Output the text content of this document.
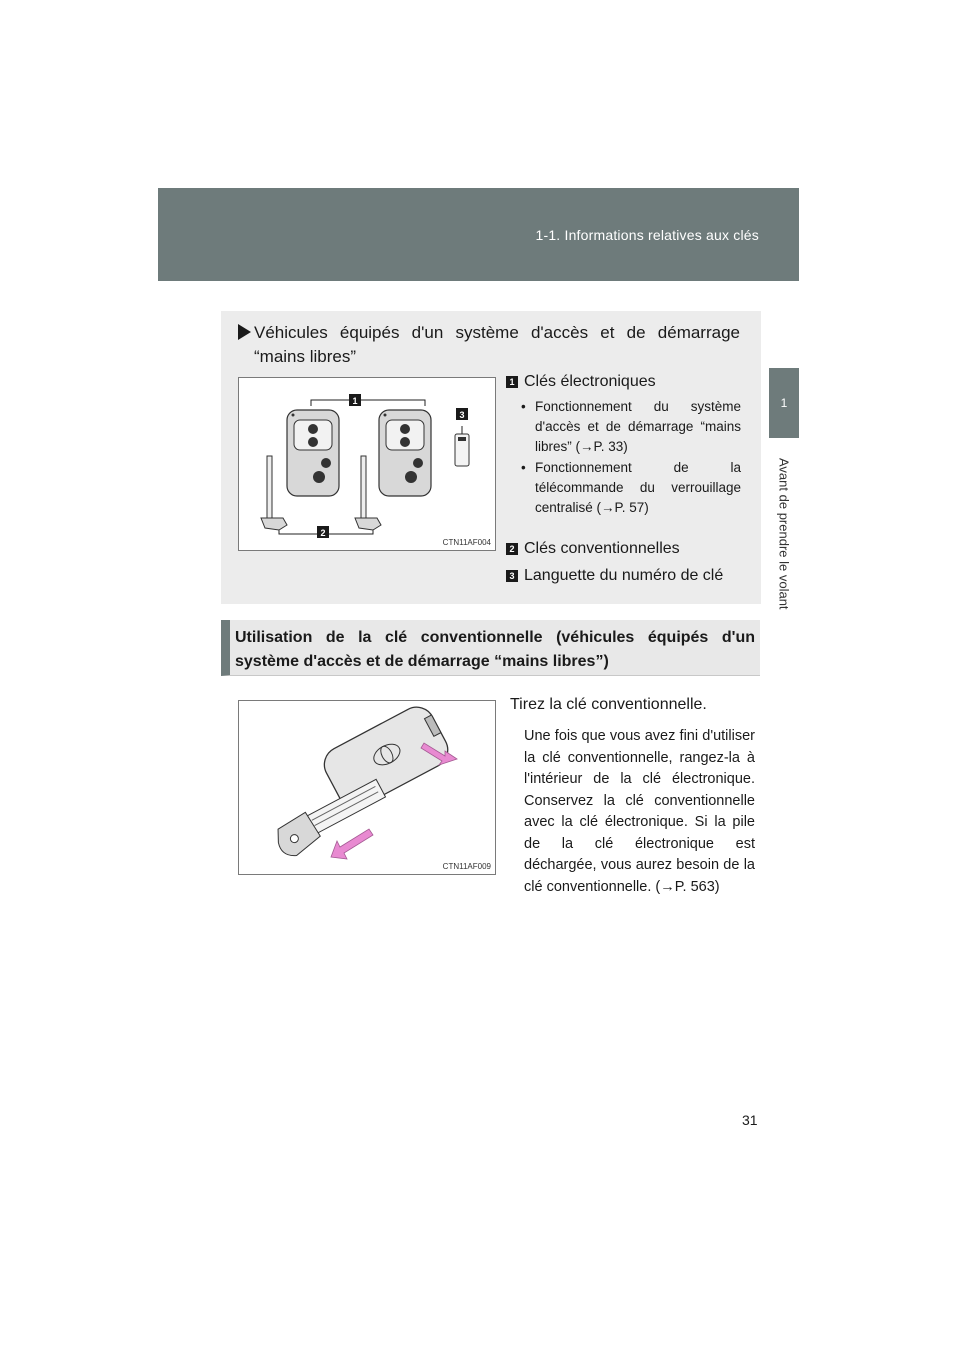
1-1. Informations relatives aux clés
1
Avant de prendre le volant
Véhicules équipés d'un système d'accès et de démarrage “mains libres”
1
2
3
CTN11AF004
1 Clés électroniques
• Fonctionnement du système d'accès et de démarrage “mains libres” (→P. 33)
• Fonctionnement de la télécommande du verrouillage centralisé (→P. 57)
2 Clés conventionnelles
3 Languette du numéro de clé
Utilisation de la clé conventionnelle (véhicules équipés d'un système d'accès et de démarrage “mains libres”)
CTN11AF009
Tirez la clé conventionnelle.
Une fois que vous avez fini d'utiliser la clé conventionnelle, rangez-la à l'intérieur de la clé électronique. Conservez la clé conventionnelle avec la clé électronique. Si la pile de la clé électronique est déchargée, vous aurez besoin de la clé conventionnelle. (→P. 563)
31
